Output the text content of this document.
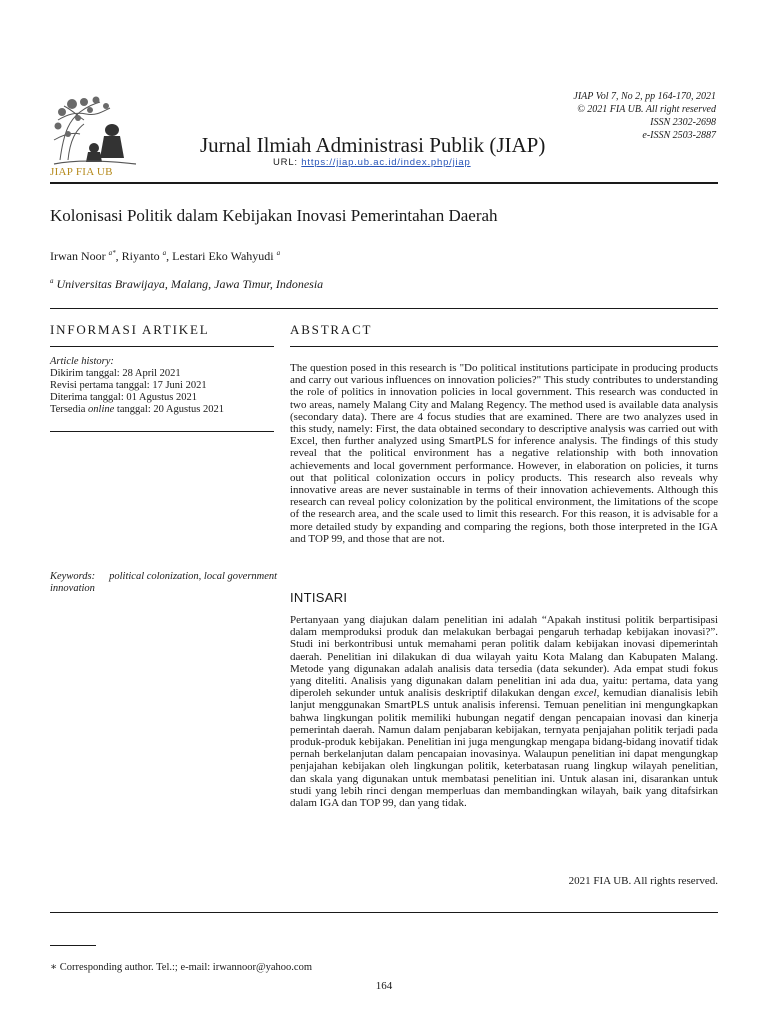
JIAP FIA UB
JIAP Vol 7, No 2, pp 164-170, 2021
© 2021 FIA UB. All right reserved
ISSN 2302-2698
e-ISSN 2503-2887
Jurnal Ilmiah Administrasi Publik (JIAP)
URL: https://jiap.ub.ac.id/index.php/jiap
Kolonisasi Politik dalam Kebijakan Inovasi Pemerintahan Daerah
Irwan Noor $^{a*}$, Riyanto $^a$, Lestari Eko Wahyudi $^a$
$^a$ Universitas Brawijaya, Malang, Jawa Timur, Indonesia
INFORMASI ARTIKEL
Article history:
Dikirim tanggal: 28 April 2021
Revisi pertama tanggal: 17 Juni 2021
Diterima tanggal: 01 Agustus 2021
Tersedia online tanggal: 20 Agustus 2021
Keywords: political colonization, local government innovation
ABSTRACT
The question posed in this research is "Do political institutions participate in producing products and carry out various influences on innovation policies?" This study contributes to understanding the role of politics in innovation policies in local government. This research was conducted in two areas, namely Malang City and Malang Regency. The method used is available data analysis (secondary data). There are 4 focus studies that are examined. There are two analyzes used in this study, namely: First, the data obtained secondary to descriptive analysis was carried out with Excel, then further analyzed using SmartPLS for inference analysis. The findings of this study reveal that the political environment has a negative relationship with both innovation achievements and local government performance. However, in elaboration on policies, it turns out that political colonization occurs in policy products. This research also reveals why innovative areas are never sustainable in terms of their innovation achievements. Although this research can reveal policy colonization by the political environment, the limitations of the scope of the research area, and the scale used to limit this research. For this reason, it is advisable for a more detailed study by expanding and comparing the regions, both those interpreted in the IGA and TOP 99, and those that are not.
INTISARI
Pertanyaan yang diajukan dalam penelitian ini adalah “Apakah institusi politik berpartisipasi dalam memproduksi produk dan melakukan berbagai pengaruh terhadap kebijakan inovasi?”. Studi ini berkontribusi untuk memahami peran politik dalam kebijakan inovasi dipemerintah daerah. Penelitian ini dilakukan di dua wilayah yaitu Kota Malang dan Kabupaten Malang. Metode yang digunakan adalah analisis data tersedia (data sekunder). Ada empat studi fokus yang diteliti. Analisis yang digunakan dalam penelitian ini ada dua, yaitu: pertama, data yang diperoleh sekunder untuk analisis deskriptif dilakukan dengan excel, kemudian dianalisis lebih lanjut menggunakan SmartPLS untuk analisis inferensi. Temuan penelitian ini mengungkapkan bahwa lingkungan politik memiliki hubungan negatif dengan pencapaian inovasi dan kinerja pemerintah daerah. Namun dalam penjabaran kebijakan, ternyata penjajahan politik terjadi pada produk-produk kebijakan. Penelitian ini juga mengungkap mengapa bidang-bidang inovatif tidak pernah berkelanjutan dalam pencapaian inovasinya. Walaupun penelitian ini dapat mengungkap penjajahan kebijakan oleh lingkungan politik, keterbatasan ruang lingkup wilayah penelitian, dan skala yang digunakan untuk membatasi penelitian ini. Untuk alasan ini, disarankan untuk studi yang lebih rinci dengan memperluas dan membandingkan wilayah, baik yang ditafsirkan dalam IGA dan TOP 99, dan yang tidak.
2021 FIA UB. All rights reserved.
∗ Corresponding author. Tel.:; e-mail: irwannoor@yahoo.com
164
